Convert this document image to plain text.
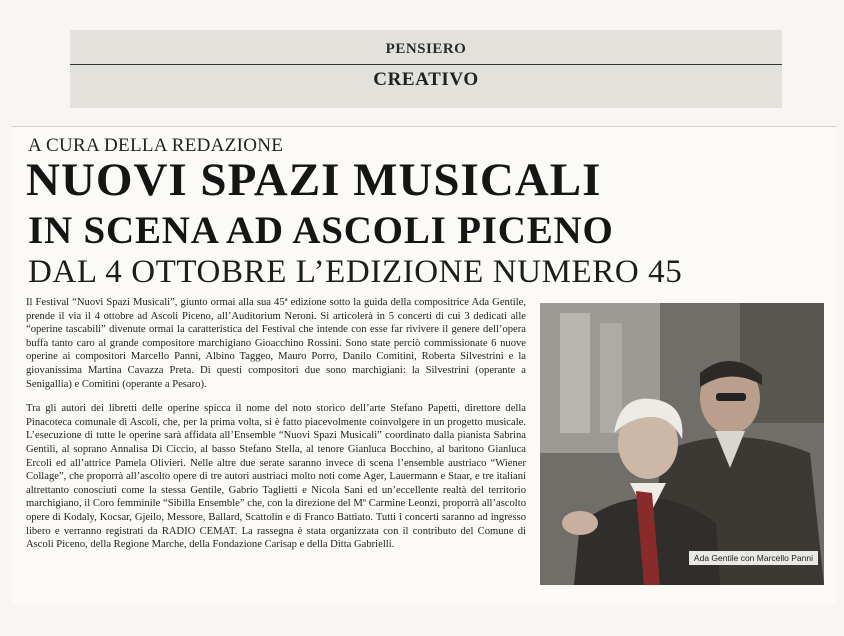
PENSIERO
CREATIVO
A CURA DELLA REDAZIONE
NUOVI SPAZI MUSICALI
IN SCENA AD ASCOLI PICENO
DAL 4 OTTOBRE L’EDIZIONE NUMERO 45

Il Festival “Nuovi Spazi Musicali”, giunto ormai alla sua 45ª edizione sotto la guida della compositrice Ada Gentile, prende il via il 4 ottobre ad Ascoli Piceno, all’Auditorium Neroni. Si articolerà in 5 concerti di cui 3 dedicati alle “operine tascabili” divenute ormai la caratteristica del Festival che intende con esse far rivivere il genere dell’opera buffa tanto caro al grande compositore marchigiano Gioacchino Rossini. Sono state perciò commissionate 6 nuove operine ai compositori Marcello Panni, Albino Taggeo, Mauro Porro, Danilo Comitini, Roberta Silvestrini e la giovanissima Martina Cavazza Preta. Di questi compositori due sono marchigiani: la Silvestrini (operante a Senigallia) e Comitini (operante a Pesaro).

Tra gli autori dei libretti delle operine spicca il nome del noto storico dell’arte Stefano Papetti, direttore della Pinacoteca comunale di Ascoli, che, per la prima volta, si è fatto piacevolmente coinvolgere in un progetto musicale. L’esecuzione di tutte le operine sarà affidata all’Ensemble “Nuovi Spazi Musicali” coordinato dalla pianista Sabrina Gentili, al soprano Annalisa Di Ciccio, al basso Stefano Stella, al tenore Gianluca Bocchino, al baritono Gianluca Ercoli ed all’attrice Pamela Olivieri. Nelle altre due serate saranno invece di scena l’ensemble austriaco “Wiener Collage”, che proporrà all’ascolto opere di tre autori austriaci molto noti come Ager, Lauermann e Staar, e tre italiani altrettanto conosciuti come la stessa Gentile, Gabrio Taglietti e Nicola Sani ed un’eccellente realtà del territorio marchigiano, il Coro femminile “Sibilla Ensemble” che, con la direzione del Mº Carmine Leonzi, proporrà all’ascolto opere di Kodaly, Kocsar, Gjeilo, Messore, Ballard, Scattolin e di Franco Battiato. Tutti i concerti saranno ad ingresso libero e verranno registrati da RADIO CEMAT. La rassegna è stata organizzata con il contributo del Comune di Ascoli Piceno, della Regione Marche, della Fondazione Carisap e della Ditta Gabrielli.

Ada Gentile con Marcello Panni
